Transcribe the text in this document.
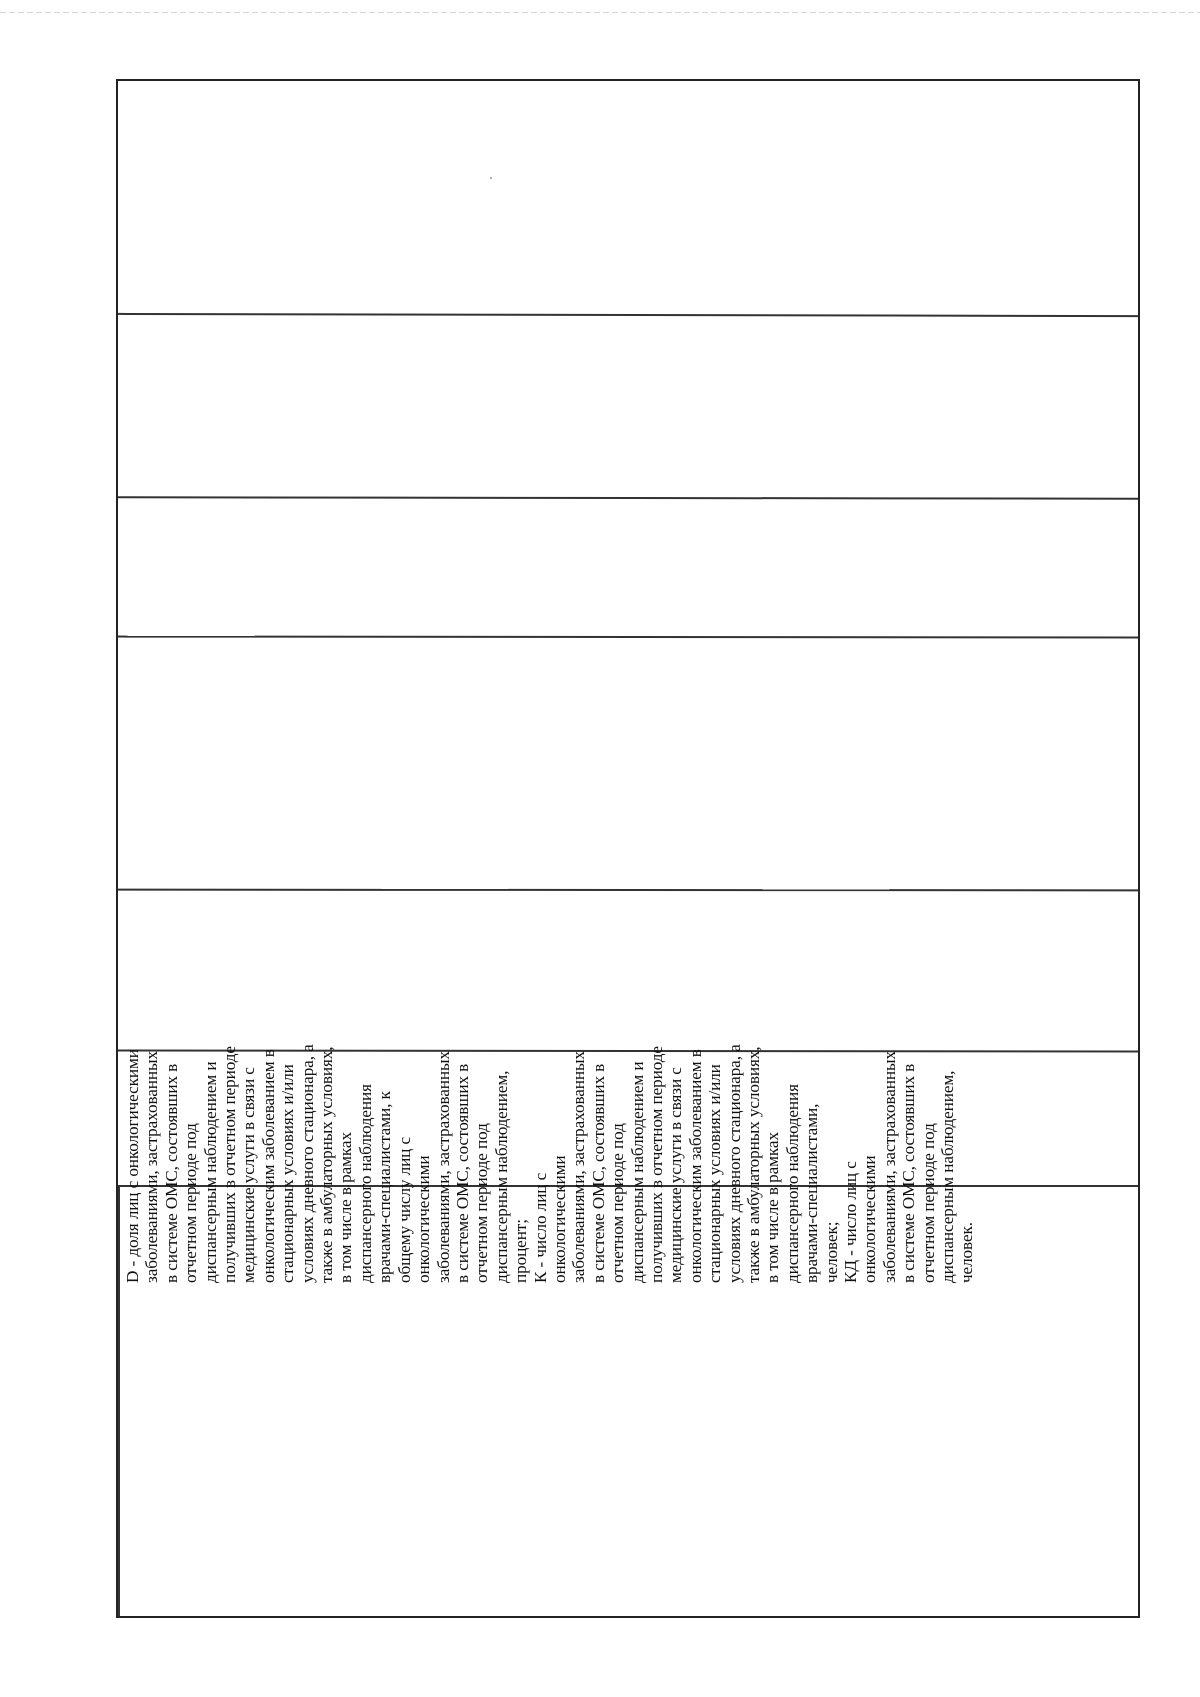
D - доля лиц с онкологическими
заболеваниями, застрахованных
в системе ОМС, состоявших в
отчетном периоде под
диспансерным наблюдением и
получивших в отчетном периоде
медицинские услуги в связи с
онкологическим заболеванием в
стационарных условиях и/или
условиях дневного стационара, а
также в амбулаторных условиях,
в том числе в рамках
диспансерного наблюдения
врачами-специалистами, к
общему числу лиц с
онкологическими
заболеваниями, застрахованных
в системе ОМС, состоявших в
отчетном периоде под
диспансерным наблюдением,
процент;
К - число лиц с
онкологическими
заболеваниями, застрахованных
в системе ОМС, состоявших в
отчетном периоде под
диспансерным наблюдением и
получивших в отчетном периоде
медицинские услуги в связи с
онкологическим заболеванием в
стационарных условиях и/или
условиях дневного стационара, а
также в амбулаторных условиях,
в том числе в рамках
диспансерного наблюдения
врачами-специалистами,
человек;
КД - число лиц с
онкологическими
заболеваниями, застрахованных
в системе ОМС, состоявших в
отчетном периоде под
диспансерным наблюдением,
человек.
